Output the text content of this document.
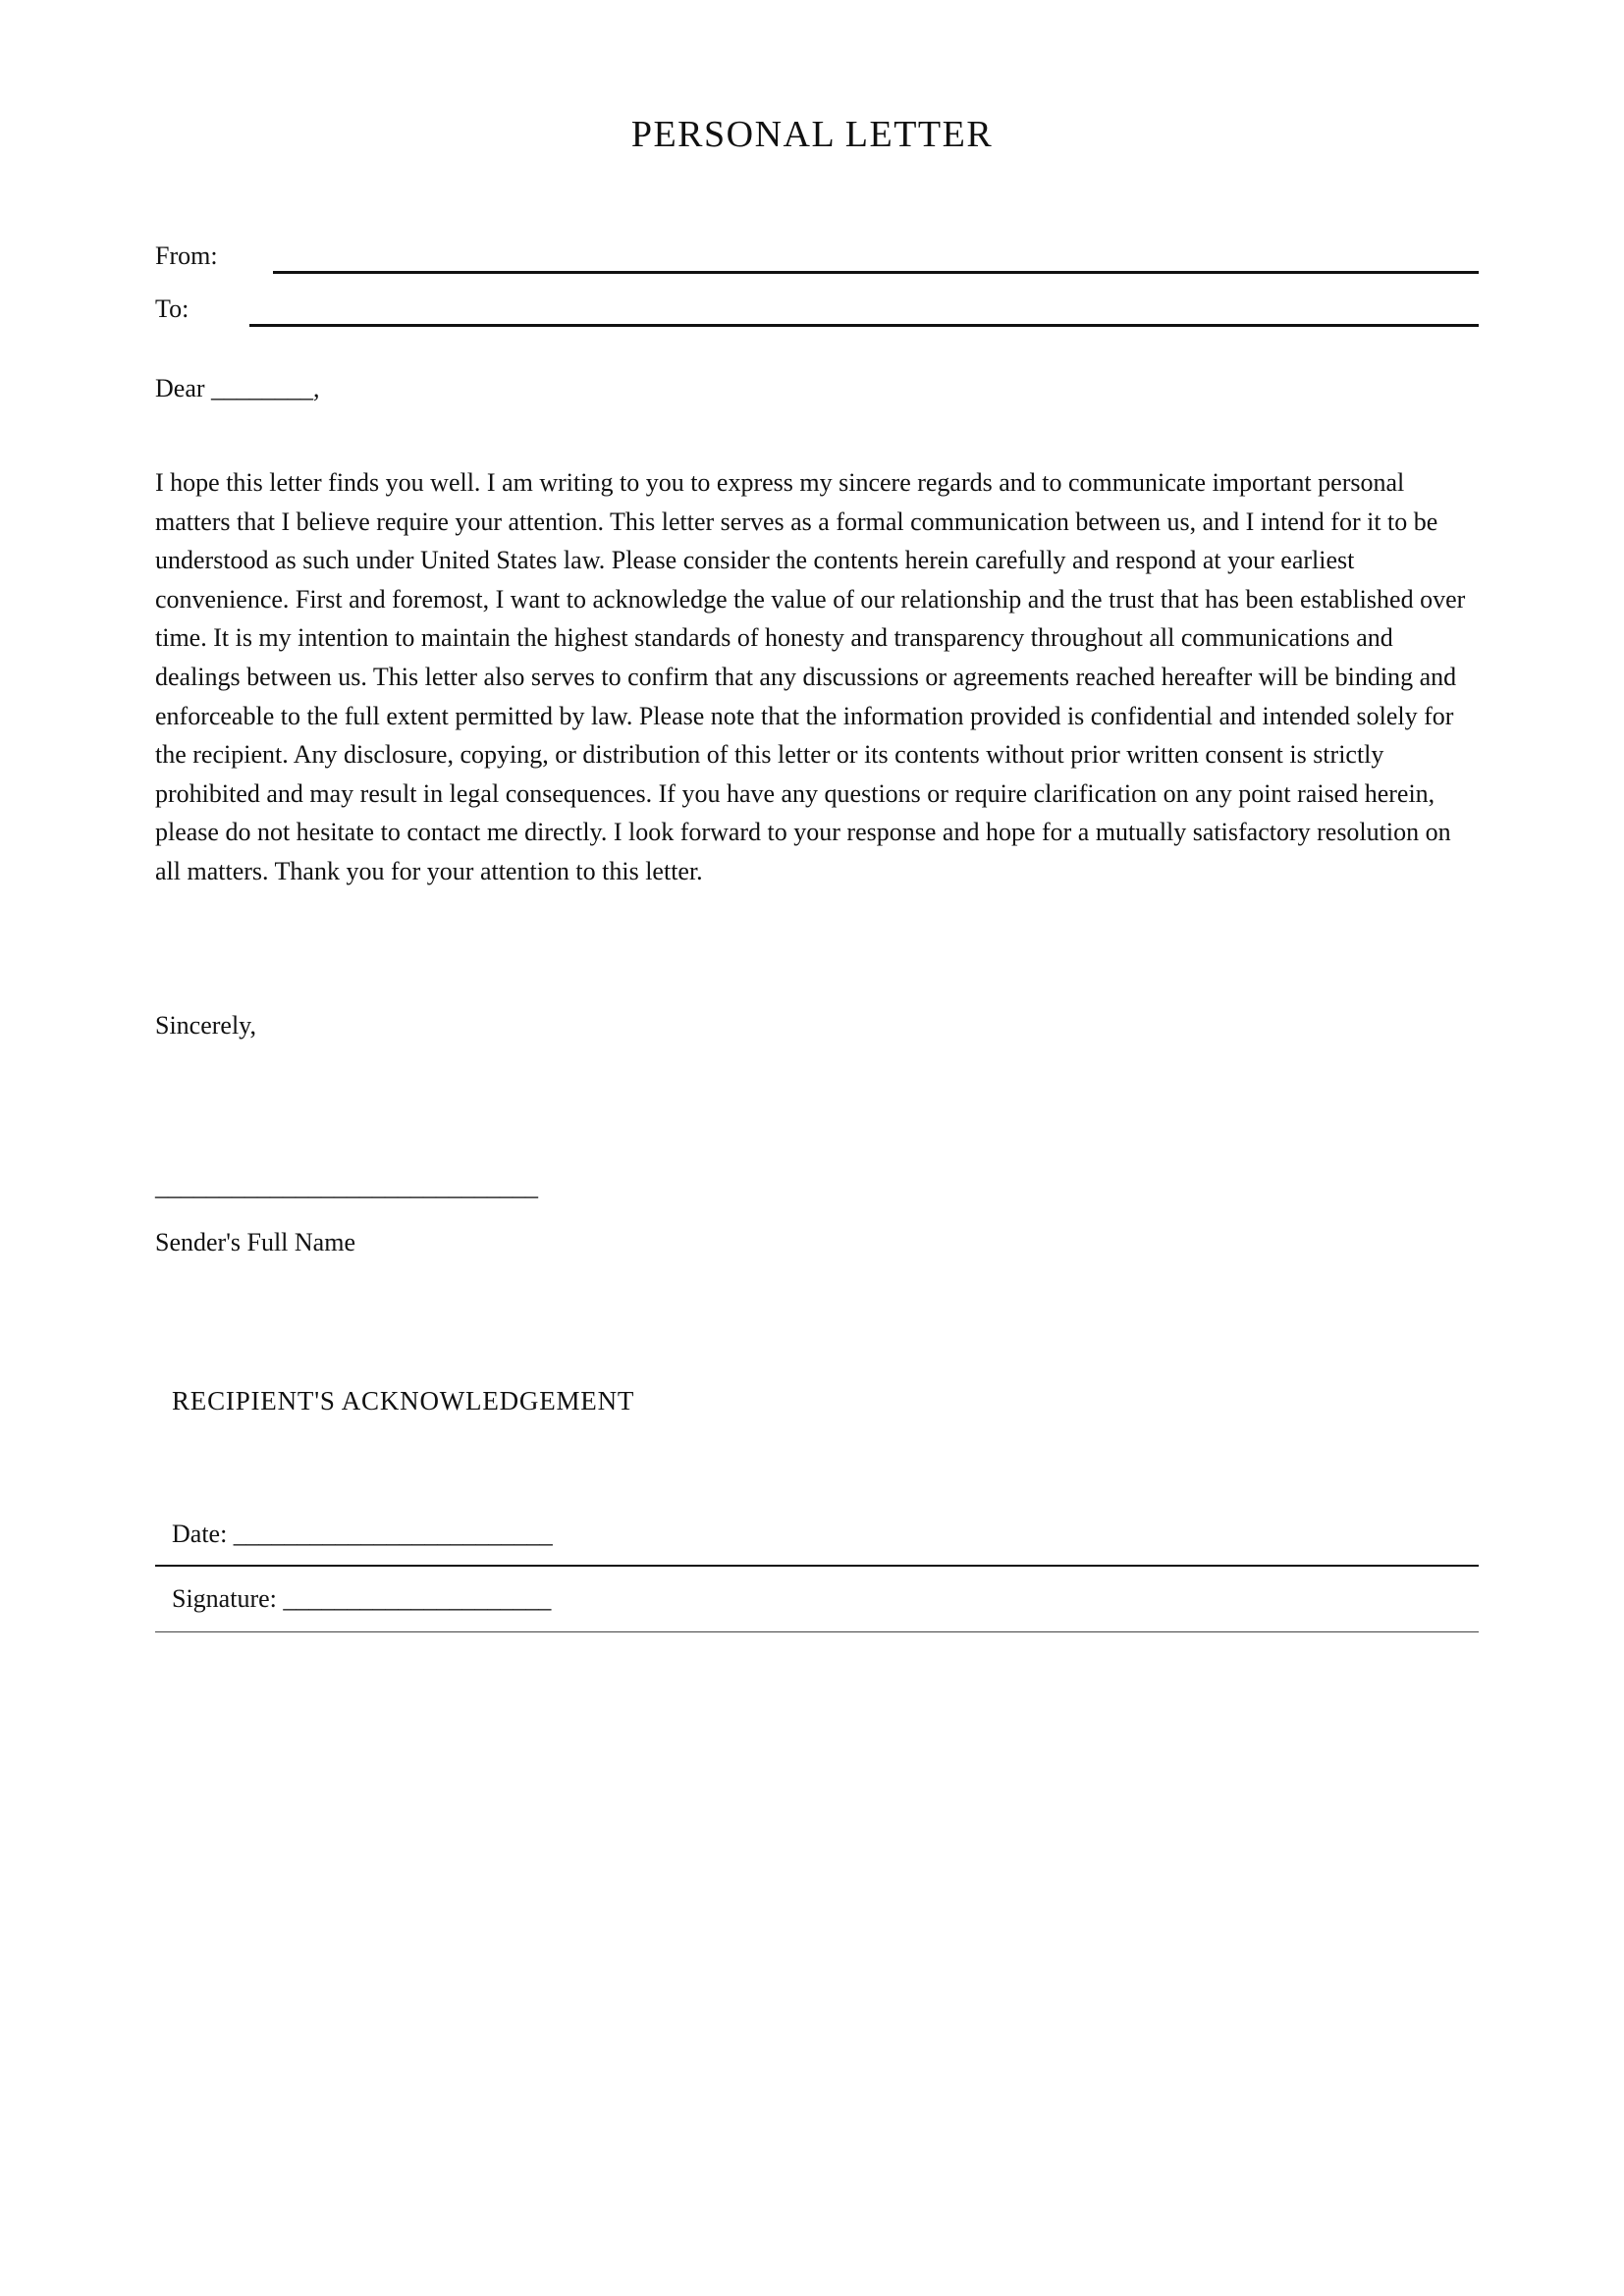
PERSONAL LETTER
From:
To:
Dear ________,
I hope this letter finds you well. I am writing to you to express my sincere regards and to communicate important personal matters that I believe require your attention. This letter serves as a formal communication between us, and I intend for it to be understood as such under United States law. Please consider the contents herein carefully and respond at your earliest convenience. First and foremost, I want to acknowledge the value of our relationship and the trust that has been established over time. It is my intention to maintain the highest standards of honesty and transparency throughout all communications and dealings between us. This letter also serves to confirm that any discussions or agreements reached hereafter will be binding and enforceable to the full extent permitted by law. Please note that the information provided is confidential and intended solely for the recipient. Any disclosure, copying, or distribution of this letter or its contents without prior written consent is strictly prohibited and may result in legal consequences. If you have any questions or require clarification on any point raised herein, please do not hesitate to contact me directly. I look forward to your response and hope for a mutually satisfactory resolution on all matters. Thank you for your attention to this letter.
Sincerely,
______________________________
Sender's Full Name
RECIPIENT'S ACKNOWLEDGEMENT
Date: _________________________
Signature: _____________________
